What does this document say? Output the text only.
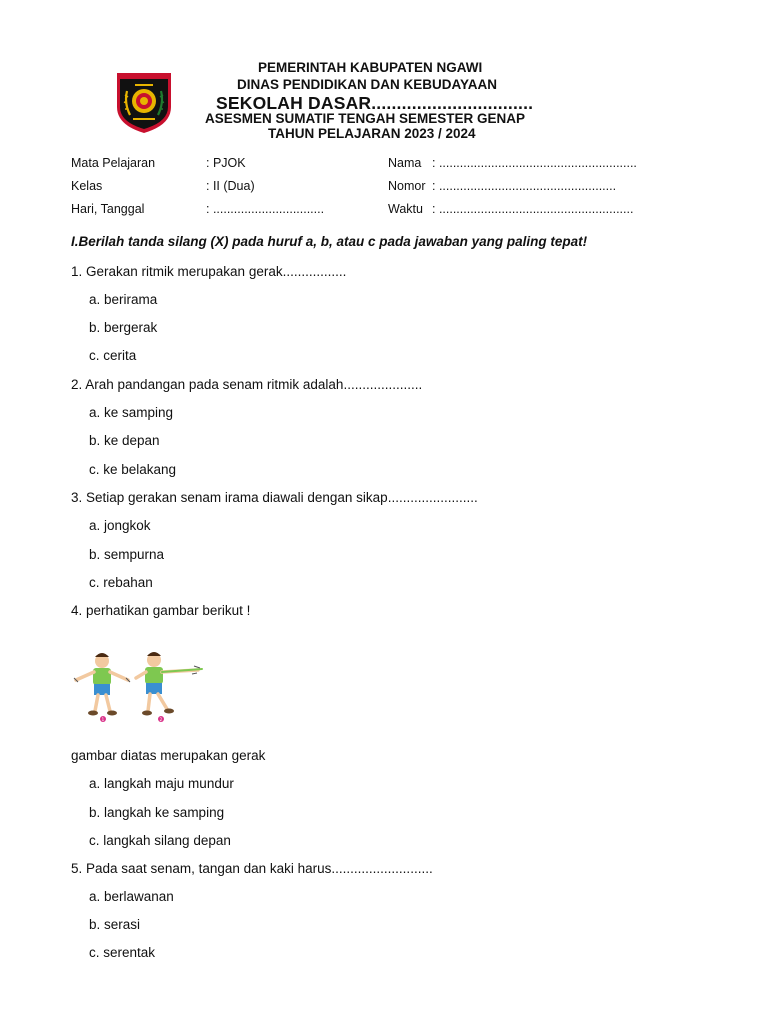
PEMERINTAH KABUPATEN NGAWI
DINAS PENDIDIKAN DAN KEBUDAYAAN
SEKOLAH DASAR................................
ASESMEN SUMATIF TENGAH SEMESTER GENAP
TAHUN PELAJARAN 2023 / 2024
Mata Pelajaran	: PJOK	Nama : .........................................................
Kelas	: II (Dua)	Nomor : ...................................................
Hari, Tanggal	: ................................	Waktu : ........................................................
I.Berilah tanda silang (X) pada huruf a, b, atau c pada jawaban yang paling tepat!
1. Gerakan ritmik merupakan gerak.................
a. berirama
b. bergerak
c. cerita
2. Arah pandangan pada senam ritmik adalah.....................
a. ke samping
b. ke depan
c. ke belakang
3. Setiap gerakan senam irama diawali dengan sikap........................
a. jongkok
b. sempurna
c. rebahan
4. perhatikan gambar berikut !
1	2
gambar diatas merupakan gerak
a. langkah maju mundur
b. langkah ke samping
c. langkah silang depan
5. Pada saat senam, tangan dan kaki harus...........................
a. berlawanan
b. serasi
c. serentak
